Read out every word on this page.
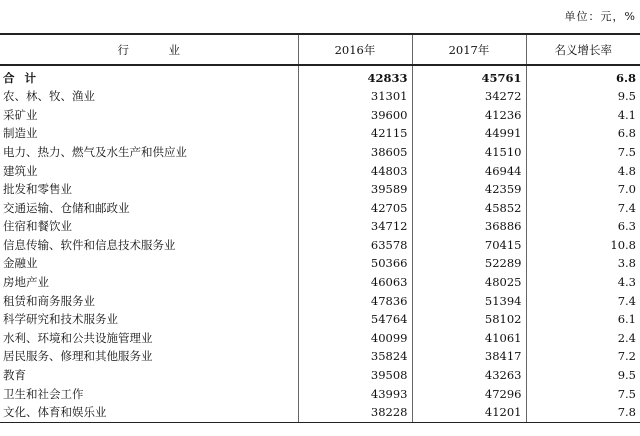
单位：元，%
行　业	2016年	2017年	名义增长率
合计	42833	45761	6.8
农、林、牧、渔业	31301	34272	9.5
采矿业	39600	41236	4.1
制造业	42115	44991	6.8
电力、热力、燃气及水生产和供应业	38605	41510	7.5
建筑业	44803	46944	4.8
批发和零售业	39589	42359	7.0
交通运输、仓储和邮政业	42705	45852	7.4
住宿和餐饮业	34712	36886	6.3
信息传输、软件和信息技术服务业	63578	70415	10.8
金融业	50366	52289	3.8
房地产业	46063	48025	4.3
租赁和商务服务业	47836	51394	7.4
科学研究和技术服务业	54764	58102	6.1
水利、环境和公共设施管理业	40099	41061	2.4
居民服务、修理和其他服务业	35824	38417	7.2
教育	39508	43263	9.5
卫生和社会工作	43993	47296	7.5
文化、体育和娱乐业	38228	41201	7.8
